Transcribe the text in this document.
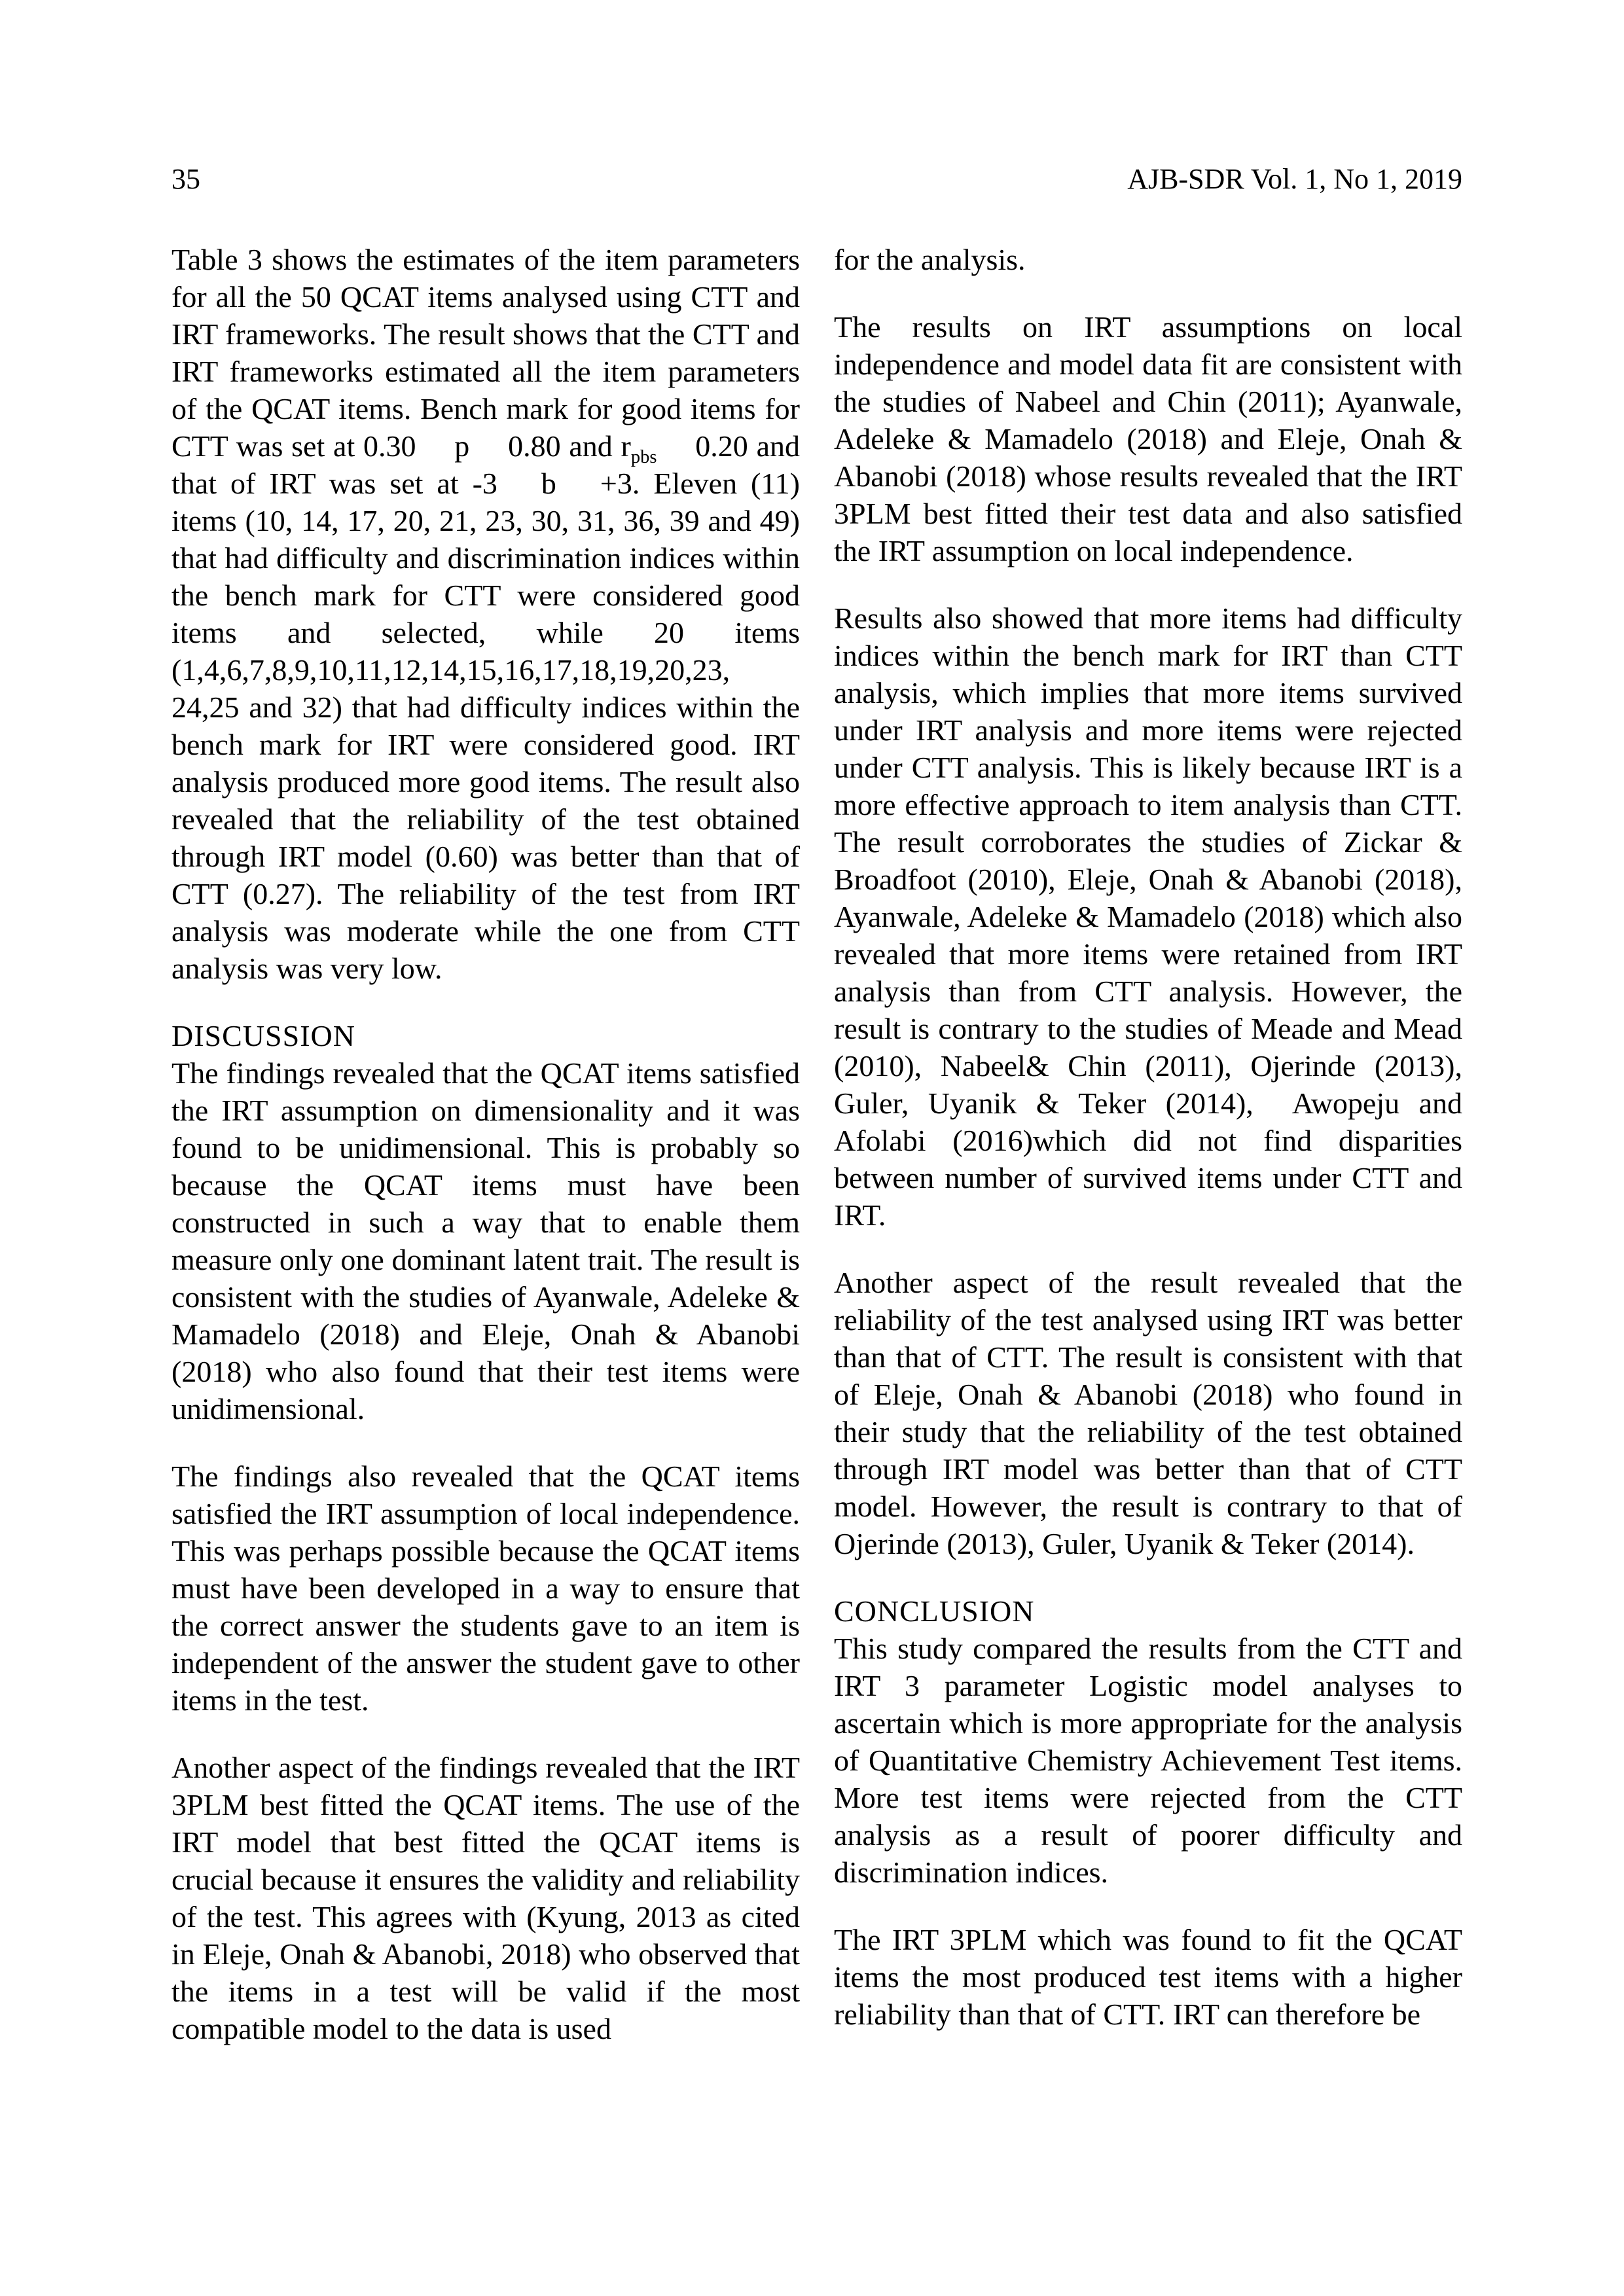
35	AJB-SDR Vol. 1, No 1, 2019

Table 3 shows the estimates of the item parameters for all the 50 QCAT items analysed using CTT and IRT frameworks. The result shows that the CTT and IRT frameworks estimated all the item parameters of the QCAT items. Bench mark for good items for CTT was set at 0.30  p  0.80 and $r_{pbs}$  0.20 and that of IRT was set at -3  b  +3. Eleven (11) items (10, 14, 17, 20, 21, 23, 30, 31, 36, 39 and 49) that had difficulty and discrimination indices within the bench mark for CTT were considered good items and selected, while 20 items (1,4,6,7,8,9,10,11,12,14,15,16,17,18,19,20,23, 24,25 and 32) that had difficulty indices within the bench mark for IRT were considered good. IRT analysis produced more good items. The result also revealed that the reliability of the test obtained through IRT model (0.60) was better than that of CTT (0.27). The reliability of the test from IRT analysis was moderate while the one from CTT analysis was very low.

DISCUSSION

The findings revealed that the QCAT items satisfied the IRT assumption on dimensionality and it was found to be unidimensional. This is probably so because the QCAT items must have been constructed in such a way that to enable them measure only one dominant latent trait. The result is consistent with the studies of Ayanwale, Adeleke & Mamadelo (2018) and Eleje, Onah & Abanobi (2018) who also found that their test items were unidimensional.

The findings also revealed that the QCAT items satisfied the IRT assumption of local independence. This was perhaps possible because the QCAT items must have been developed in a way to ensure that the correct answer the students gave to an item is independent of the answer the student gave to other items in the test.

Another aspect of the findings revealed that the IRT 3PLM best fitted the QCAT items. The use of the IRT model that best fitted the QCAT items is crucial because it ensures the validity and reliability of the test. This agrees with (Kyung, 2013 as cited in Eleje, Onah & Abanobi, 2018) who observed that the items in a test will be valid if the most compatible model to the data is used

for the analysis.

The results on IRT assumptions on local independence and model data fit are consistent with the studies of Nabeel and Chin (2011); Ayanwale, Adeleke & Mamadelo (2018) and Eleje, Onah & Abanobi (2018) whose results revealed that the IRT 3PLM best fitted their test data and also satisfied the IRT assumption on local independence.

Results also showed that more items had difficulty indices within the bench mark for IRT than CTT analysis, which implies that more items survived under IRT analysis and more items were rejected under CTT analysis. This is likely because IRT is a more effective approach to item analysis than CTT. The result corroborates the studies of Zickar & Broadfoot (2010), Eleje, Onah & Abanobi (2018), Ayanwale, Adeleke & Mamadelo (2018) which also revealed that more items were retained from IRT analysis than from CTT analysis. However, the result is contrary to the studies of Meade and Mead (2010), Nabeel& Chin (2011), Ojerinde (2013), Guler, Uyanik & Teker (2014),  Awopeju and Afolabi (2016)which did not find disparities between number of survived items under CTT and IRT.

Another aspect of the result revealed that the reliability of the test analysed using IRT was better than that of CTT. The result is consistent with that of Eleje, Onah & Abanobi (2018) who found in their study that the reliability of the test obtained through IRT model was better than that of CTT model. However, the result is contrary to that of Ojerinde (2013), Guler, Uyanik & Teker (2014).

CONCLUSION

This study compared the results from the CTT and IRT 3 parameter Logistic model analyses to ascertain which is more appropriate for the analysis of Quantitative Chemistry Achievement Test items. More test items were rejected from the CTT analysis as a result of poorer difficulty and discrimination indices.

The IRT 3PLM which was found to fit the QCAT items the most produced test items with a higher reliability than that of CTT. IRT can therefore be
